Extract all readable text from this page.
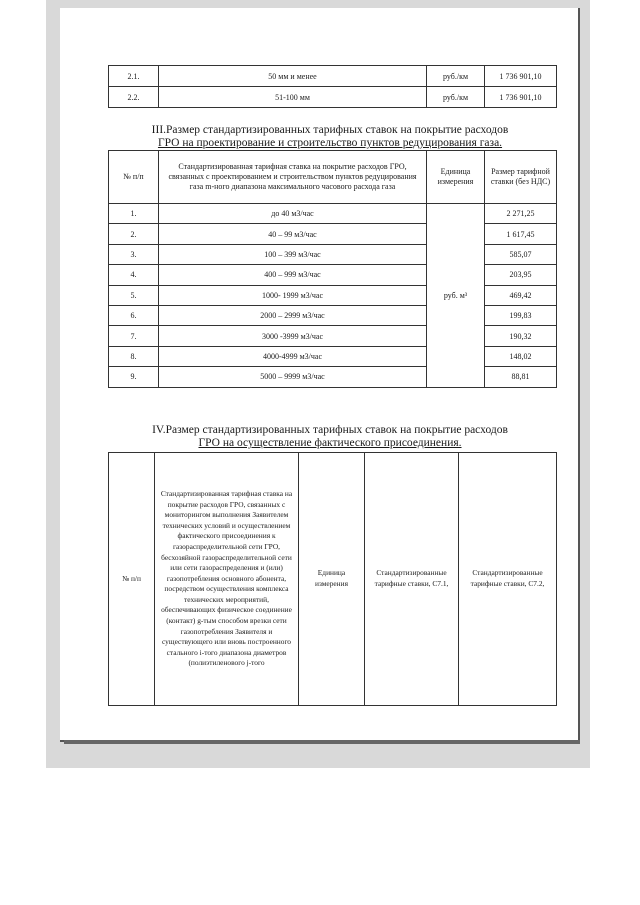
2.1.	50 мм и менее	руб./км	1 736 901,10
2.2.	51-100 мм	руб./км	1 736 901,10
III.Размер стандартизированных тарифных ставок на покрытие расходов
ГРО на проектирование и строительство пунктов редуцирования газа.
№ п/п	Стандартизированная тарифная ставка на покрытие расходов ГРО, связанных с проектированием и строительством пунктов редуцирования газа m-ного диапазона максимального часового расхода газа	Единица измерения	Размер тарифной ставки (без НДС)
1.	до 40 м3/час	руб. м³	2 271,25
2.	40 – 99 м3/час		1 617,45
3.	100 – 399 м3/час		585,07
4.	400 – 999 м3/час		203,95
5.	1000- 1999 м3/час		469,42
6.	2000 – 2999 м3/час		199,83
7.	3000 -3999 м3/час		190,32
8.	4000-4999 м3/час		148,02
9.	5000 – 9999 м3/час		88,81
IV.Размер стандартизированных тарифных ставок на покрытие расходов
ГРО на осуществление фактического присоединения.
№ п/п	Стандартизированная тарифная ставка на покрытие расходов ГРО, связанных с мониторингом выполнения Заявителем технических условий и осуществлением фактического присоединения к газораспределительной сети ГРО, бесхозяйной газораспределительной сети или сети газораспределения и (или) газопотребления основного абонента, посредством осуществления комплекса технических мероприятий, обеспечивающих физическое соединение (контакт) g-тым способом врезки сети газопотребления Заявителя и существующего или вновь построенного стального i-того диапазона диаметров (полиэтиленового j-того	Единица измерения	Стандартизированные тарифные ставки, С7.1,	Стандартизированные тарифные ставки, С7.2,
